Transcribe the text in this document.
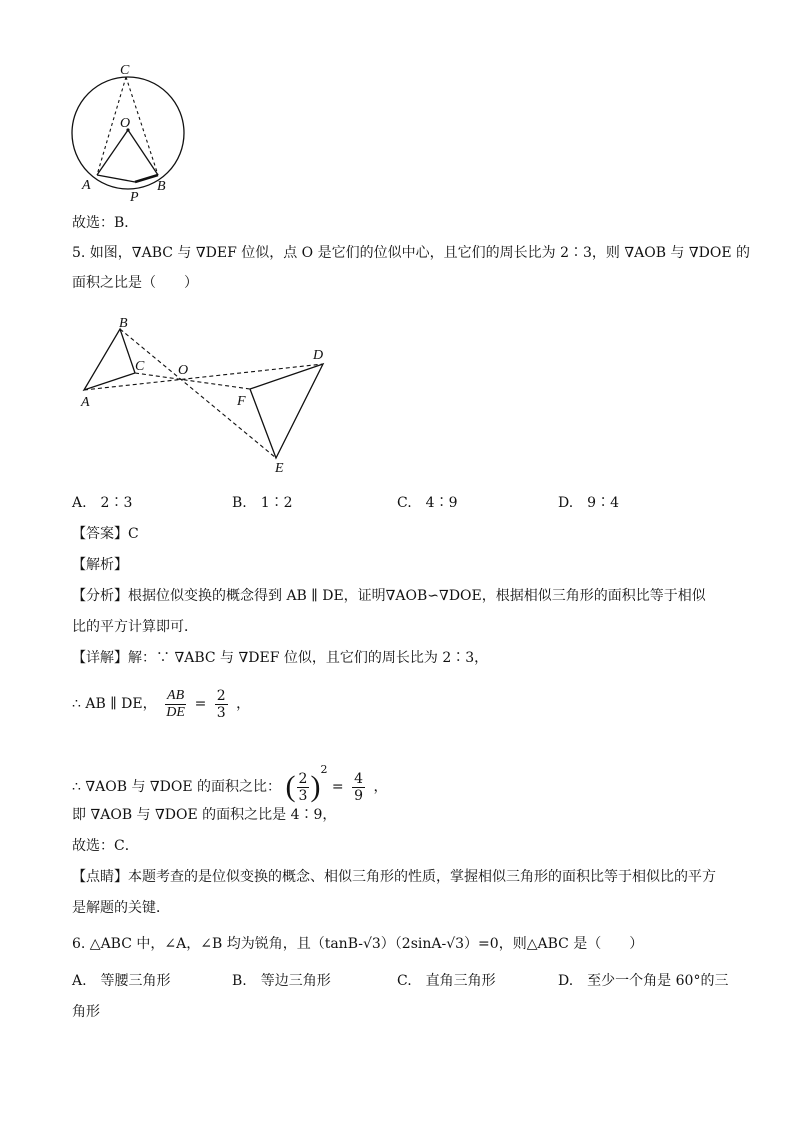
C
O
A
P
B
故选：B．
5. 如图，∇ABC 与 ∇DEF 位似，点 O 是它们的位似中心，且它们的周长比为 2∶3，则 ∇AOB 与 ∇DOE 的
面积之比是（　　）
B
C
A
O
D
F
E
A.　2∶3	B.　1∶2	C.　4∶9	D.　9∶4
【答案】C
【解析】
【分析】根据位似变换的概念得到 AB ∥ DE，证明∇AOB∽∇DOE，根据相似三角形的面积比等于相似
比的平方计算即可．
【详解】解：∵ ∇ABC 与 ∇DEF 位似，且它们的周长比为 2∶3，
∴ AB ∥ DE， $\frac{AB}{DE} = \frac{2}{3}$ ，
∴ ∇AOB 与 ∇DOE 的面积之比： ( $\frac{2}{3} )^2 = \frac{4}{9}$ ，
即 ∇AOB 与 ∇DOE 的面积之比是 4∶9，
故选：C．
【点睛】本题考查的是位似变换的概念、相似三角形的性质，掌握相似三角形的面积比等于相似比的平方
是解题的关键．
6. △ABC 中，∠A，∠B 均为锐角，且（tanB-√3）（2sinA-√3）=0，则△ABC 是（　　）
A.　等腰三角形	B.　等边三角形	C.　直角三角形	D.　至少一个角是 60°的三
角形
